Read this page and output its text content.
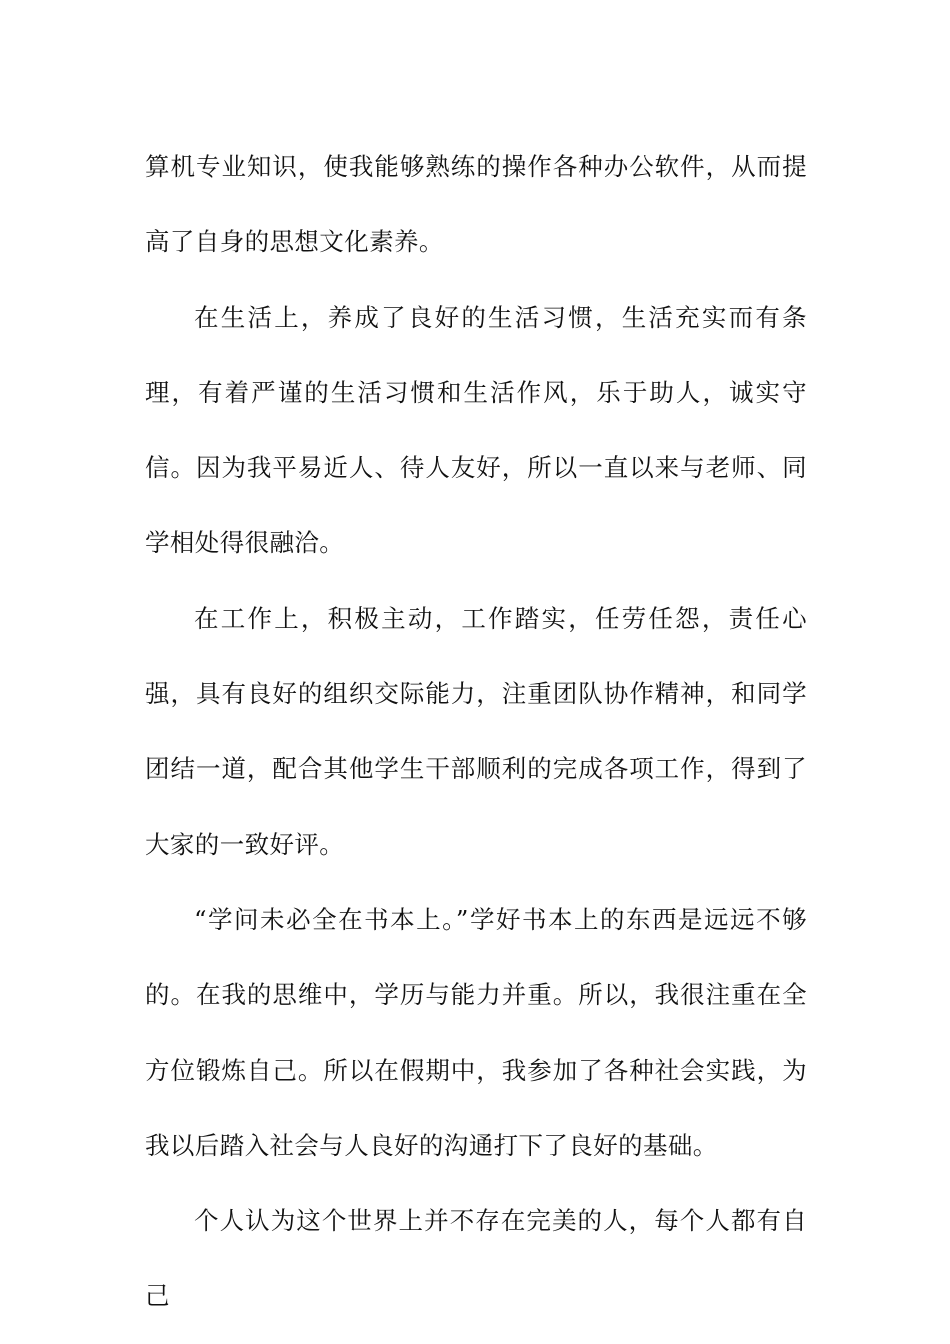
算机专业知识，使我能够熟练的操作各种办公软件，从而提高了自身的思想文化素养。

在生活上，养成了良好的生活习惯，生活充实而有条理，有着严谨的生活习惯和生活作风，乐于助人，诚实守信。因为我平易近人、待人友好，所以一直以来与老师、同学相处得很融洽。

在工作上，积极主动，工作踏实，任劳任怨，责任心强，具有良好的组织交际能力，注重团队协作精神，和同学团结一道，配合其他学生干部顺利的完成各项工作，得到了大家的一致好评。

“学问未必全在书本上。”学好书本上的东西是远远不够的。在我的思维中，学历与能力并重。所以，我很注重在全方位锻炼自己。所以在假期中，我参加了各种社会实践，为我以后踏入社会与人良好的沟通打下了良好的基础。

个人认为这个世界上并不存在完美的人，每个人都有自己
